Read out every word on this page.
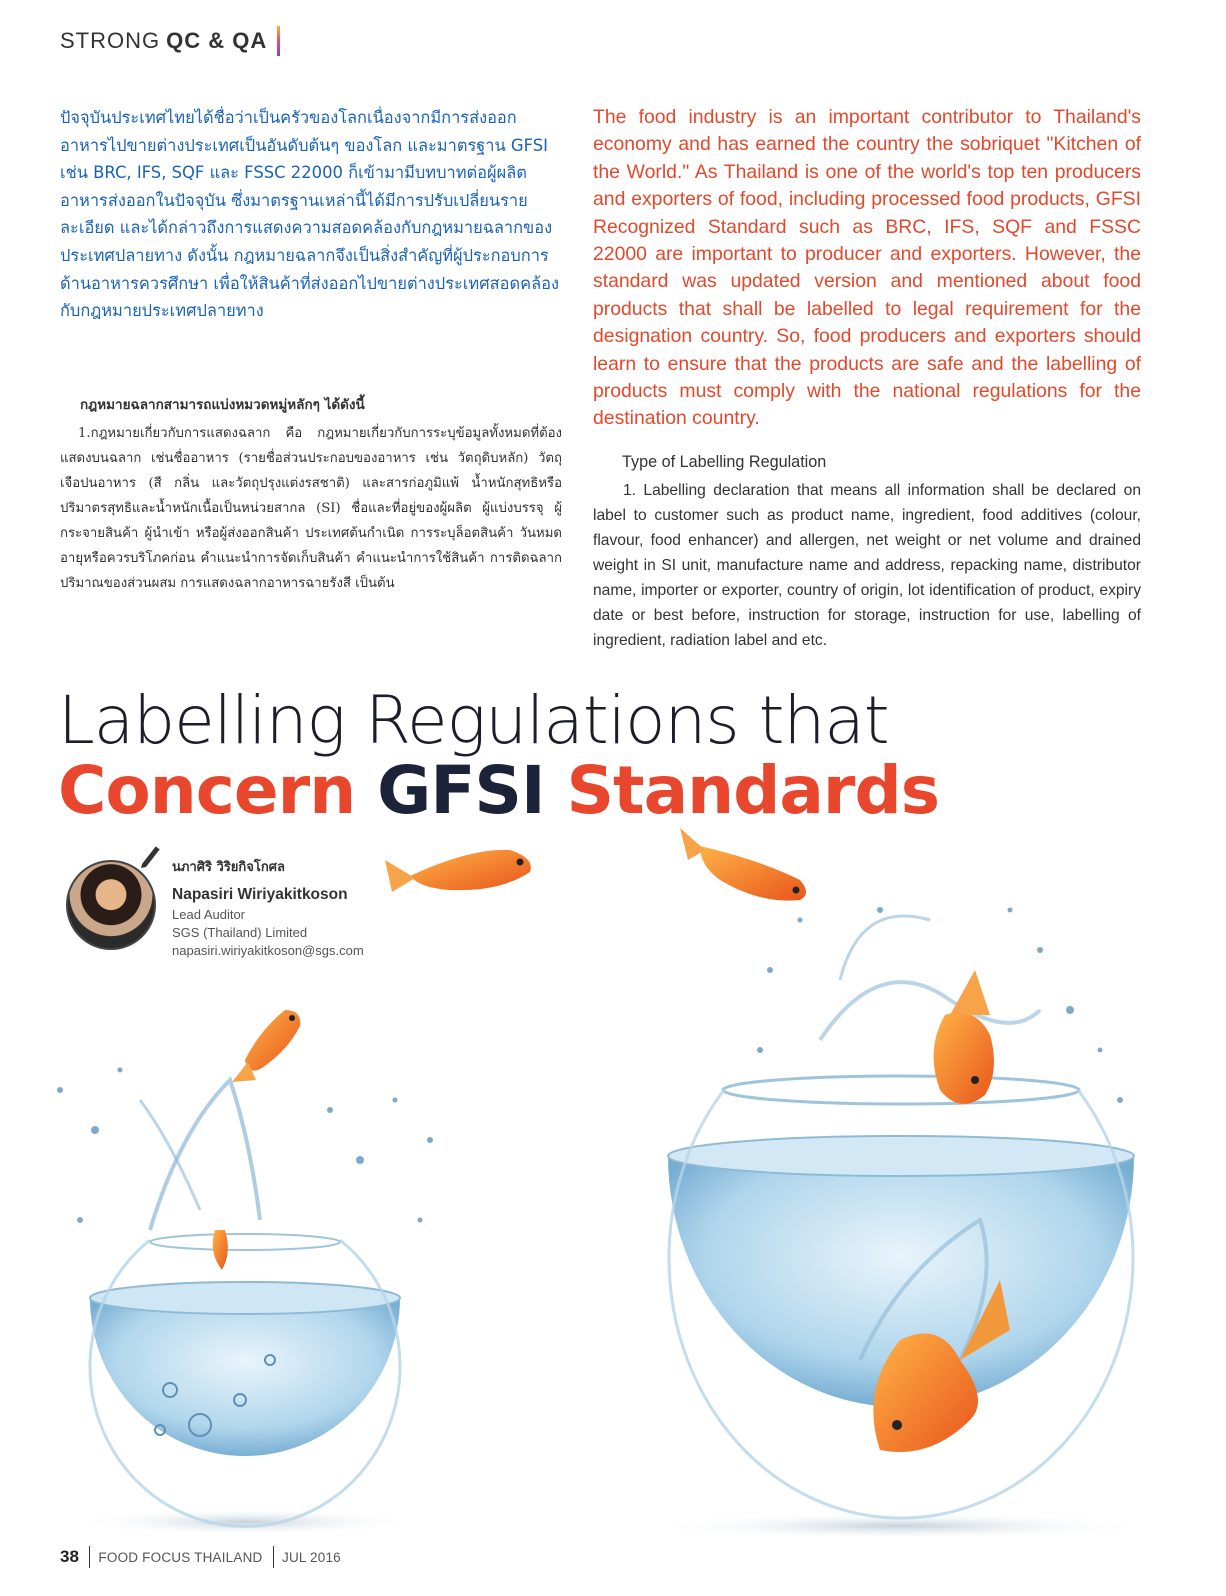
STRONG QC & QA

ปัจจุบันประเทศไทยได้ชื่อว่าเป็นครัวของโลกเนื่องจากมีการส่งออกอาหารไปขายต่างประเทศเป็นอันดับต้นๆ ของโลก และมาตรฐาน GFSI เช่น BRC, IFS, SQF และ FSSC 22000 ก็เข้ามามีบทบาทต่อผู้ผลิตอาหารส่งออกในปัจจุบัน ซึ่งมาตรฐานเหล่านี้ได้มีการปรับเปลี่ยนรายละเอียด และได้กล่าวถึงการแสดงความสอดคล้องกับกฎหมายฉลากของประเทศปลายทาง ดังนั้น กฎหมายฉลากจึงเป็นสิ่งสำคัญที่ผู้ประกอบการด้านอาหารควรศึกษา เพื่อให้สินค้าที่ส่งออกไปขายต่างประเทศสอดคล้องกับกฎหมายประเทศปลายทาง

กฎหมายฉลากสามารถแบ่งหมวดหมู่หลักๆ ได้ดังนี้

1.กฎหมายเกี่ยวกับการแสดงฉลาก คือ กฎหมายเกี่ยวกับการระบุข้อมูลทั้งหมดที่ต้องแสดงบนฉลาก เช่นชื่ออาหาร (รายชื่อส่วนประกอบของอาหาร เช่น วัตถุดิบหลัก) วัตถุเจือปนอาหาร (สี กลิ่น และวัตถุปรุงแต่งรสชาติ) และสารก่อภูมิแพ้ น้ำหนักสุทธิหรือปริมาตรสุทธิและน้ำหนักเนื้อเป็นหน่วยสากล (SI) ชื่อและที่อยู่ของผู้ผลิต ผู้แบ่งบรรจุ ผู้กระจายสินค้า ผู้นำเข้า หรือผู้ส่งออกสินค้า ประเทศต้นกำเนิด การระบุล็อตสินค้า วันหมดอายุหรือควรบริโภคก่อน คำแนะนำการจัดเก็บสินค้า คำแนะนำการใช้สินค้า การติดฉลากปริมาณของส่วนผสม การแสดงฉลากอาหารฉายรังสี เป็นต้น

The food industry is an important contributor to Thailand's economy and has earned the country the sobriquet "Kitchen of the World." As Thailand is one of the world's top ten producers and exporters of food, including processed food products, GFSI Recognized Standard such as BRC, IFS, SQF and FSSC 22000 are important to producer and exporters. However, the standard was updated version and mentioned about food products that shall be labelled to legal requirement for the designation country. So, food producers and exporters should learn to ensure that the products are safe and the labelling of products must comply with the national regulations for the destination country.

Type of Labelling Regulation

1. Labelling declaration that means all information shall be declared on label to customer such as product name, ingredient, food additives (colour, flavour, food enhancer) and allergen, net weight or net volume and drained weight in SI unit, manufacture name and address, repacking name, distributor name, importer or exporter, country of origin, lot identification of product, expiry date or best before, instruction for storage, instruction for use, labelling of ingredient, radiation label and etc.

Labelling Regulations that
Concern GFSI Standards
นภาศิริ วิริยกิจโกศล
Napasiri Wiriyakitkoson
Lead Auditor
SGS (Thailand) Limited
napasiri.wiriyakitkoson@sgs.com
38 FOOD FOCUS THAILAND JUL 2016
